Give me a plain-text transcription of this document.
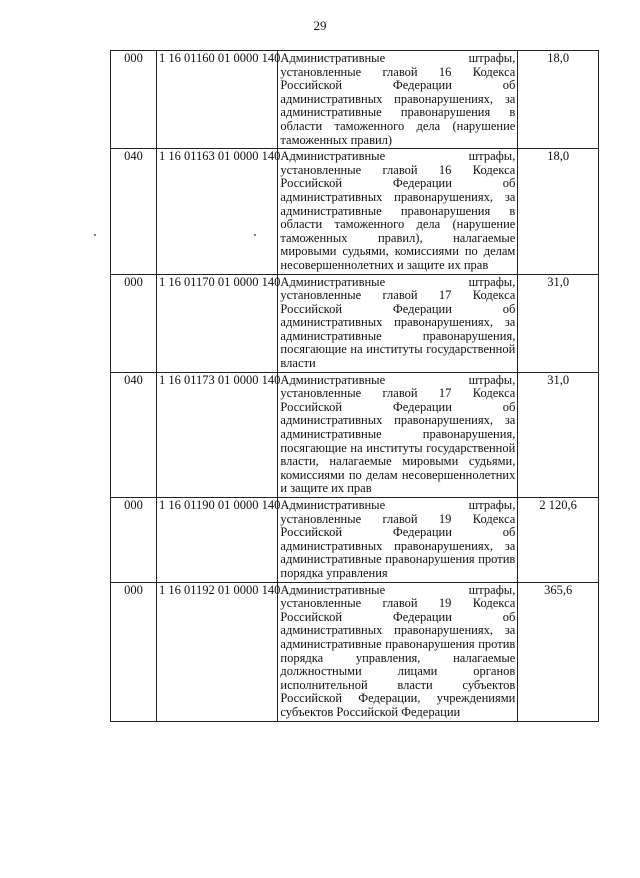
29
000	1 16 01160 01 0000 140	Административные штрафы, установленные главой 16 Кодекса Российской Федерации об административных правонарушениях, за административные правонарушения в области таможенного дела (нарушение таможенных правил)	18,0
040	1 16 01163 01 0000 140	Административные штрафы, установленные главой 16 Кодекса Российской Федерации об административных правонарушениях, за административные правонарушения в области таможенного дела (нарушение таможенных правил), налагаемые мировыми судьями, комиссиями по делам несовершеннолетних и защите их прав	18,0
000	1 16 01170 01 0000 140	Административные штрафы, установленные главой 17 Кодекса Российской Федерации об административных правонарушениях, за административные правонарушения, посягающие на институты государственной власти	31,0
040	1 16 01173 01 0000 140	Административные штрафы, установленные главой 17 Кодекса Российской Федерации об административных правонарушениях, за административные правонарушения, посягающие на институты государственной власти, налагаемые мировыми судьями, комиссиями по делам несовершеннолетних и защите их прав	31,0
000	1 16 01190 01 0000 140	Административные штрафы, установленные главой 19 Кодекса Российской Федерации об административных правонарушениях, за административные правонарушения против порядка управления	2 120,6
000	1 16 01192 01 0000 140	Административные штрафы, установленные главой 19 Кодекса Российской Федерации об административных правонарушениях, за административные правонарушения против порядка управления, налагаемые должностными лицами органов исполнительной власти субъектов Российской Федерации, учреждениями субъектов Российской Федерации	365,6
